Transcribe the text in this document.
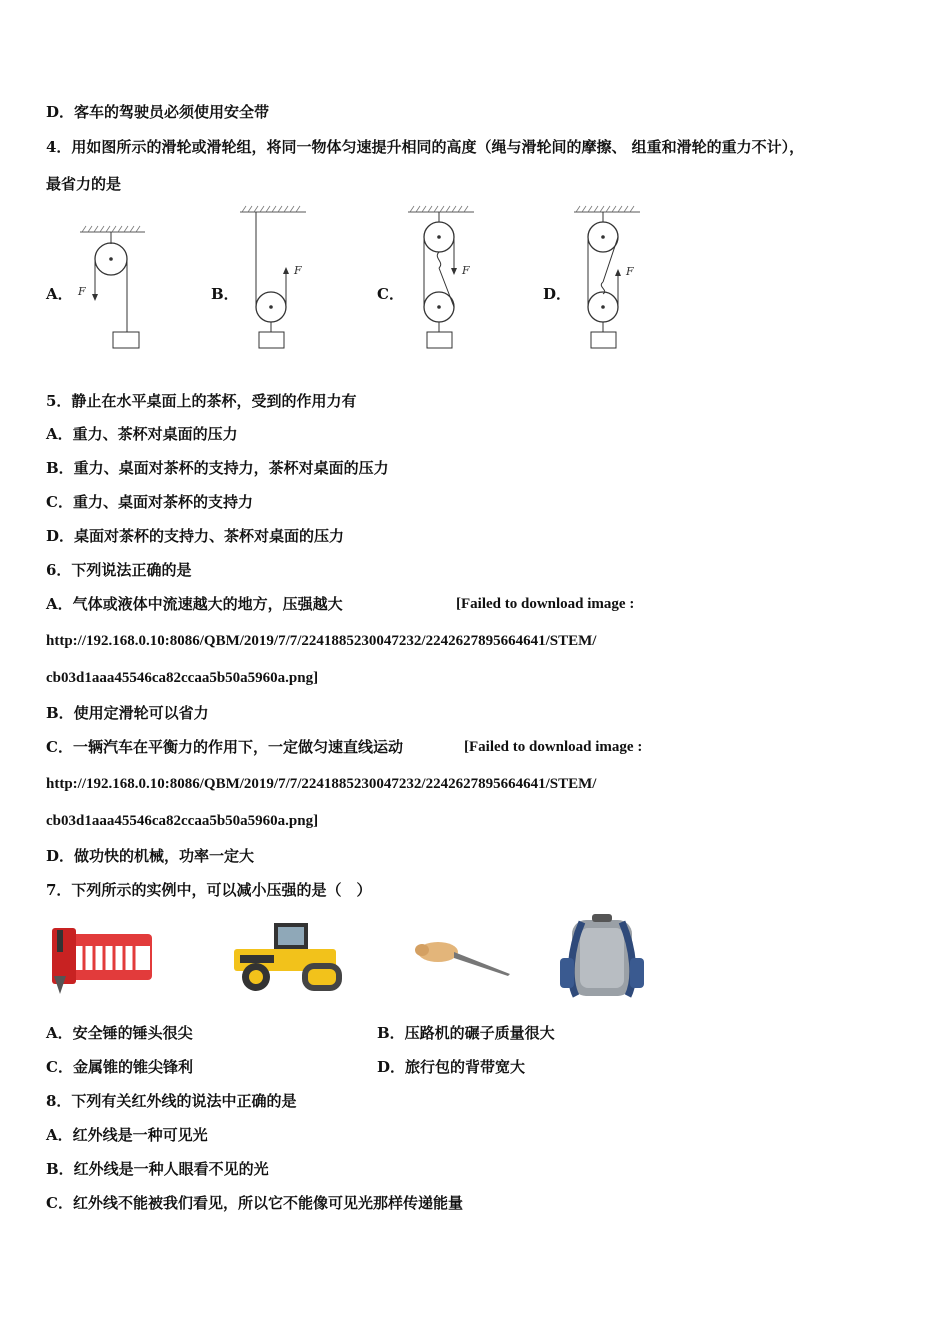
D．客车的驾驶员必须使用安全带
4．用如图所示的滑轮或滑轮组，将同一物体匀速提升相同的高度（绳与滑轮间的摩擦、 组重和滑轮的重力不计），
最省力的是
A．	B．	C．	D．
F
F	F	F
5．静止在水平桌面上的茶杯，受到的作用力有
A．重力、茶杯对桌面的压力
B．重力、桌面对茶杯的支持力，茶杯对桌面的压力
C．重力、桌面对茶杯的支持力
D．桌面对茶杯的支持力、茶杯对桌面的压力
6．下列说法正确的是
A．气体或液体中流速越大的地方，压强越大	[Failed to download image :
http://192.168.0.10:8086/QBM/2019/7/7/2241885230047232/2242627895664641/STEM/
cb03d1aaa45546ca82ccaa5b50a5960a.png]
B．使用定滑轮可以省力
C．一辆汽车在平衡力的作用下，一定做匀速直线运动	[Failed to download image :
http://192.168.0.10:8086/QBM/2019/7/7/2241885230047232/2242627895664641/STEM/
cb03d1aaa45546ca82ccaa5b50a5960a.png]
D．做功快的机械，功率一定大
7．下列所示的实例中，可以减小压强的是（　）
A．安全锤的锤头很尖	B．压路机的碾子质量很大
C．金属锥的锥尖锋利	D．旅行包的背带宽大
8．下列有关红外线的说法中正确的是
A．红外线是一种可见光
B．红外线是一种人眼看不见的光
C．红外线不能被我们看见，所以它不能像可见光那样传递能量
